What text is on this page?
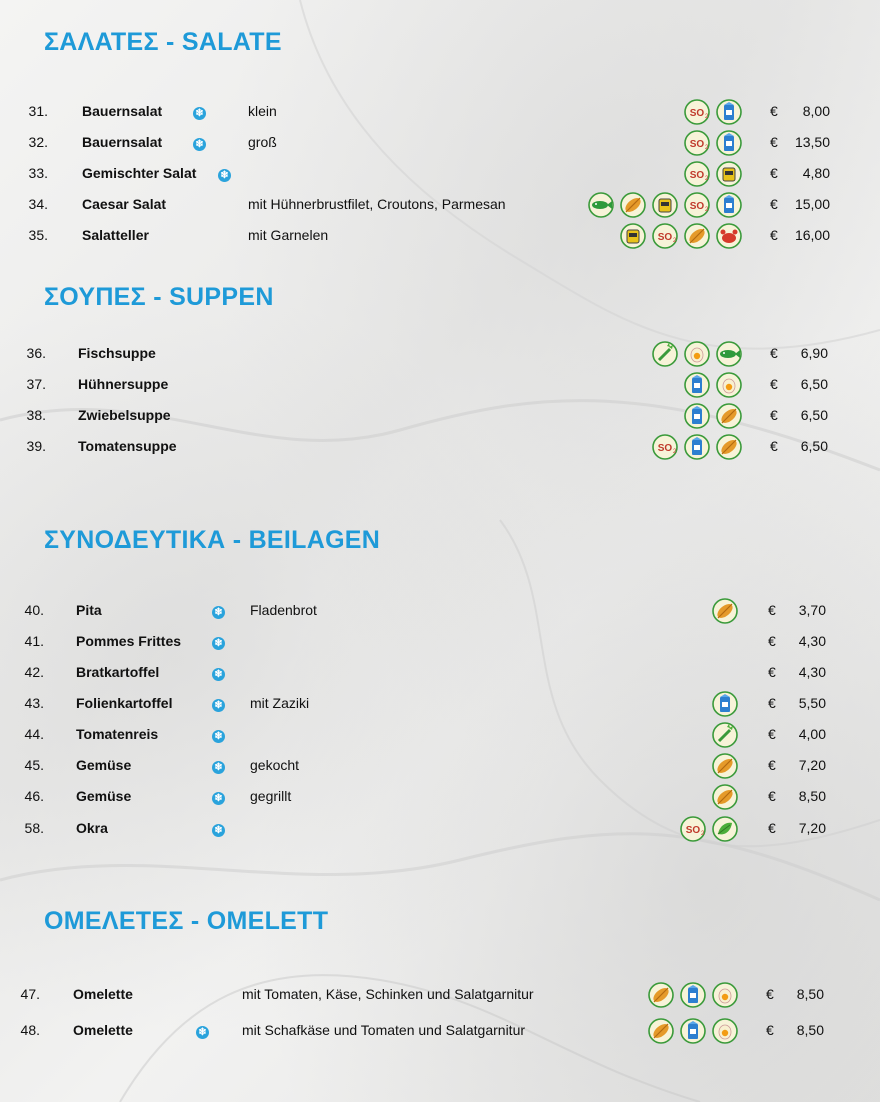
ΣΑΛΑΤΕΣ - SALATE
31. Bauernsalat	❄	klein	SO 2	€	8,00
32. Bauernsalat	❄	groß	SO 2	€	13,50
33. Gemischter Salat ❄	SO 2	€	4,80
34. Caesar Salat	mit Hühnerbrustfilet, Croutons, Parmesan	SO 2	€	15,00
35. Salatteller	mit Garnelen	SO 2	€	16,00
ΣΟΥΠΕΣ - SUPPEN
36. Fischsuppe	€	6,90
37. Hühnersuppe	€	6,50
38. Zwiebelsuppe	€	6,50
39. Tomatensuppe	SO 2	€	6,50
ΣΥΝΟΔΕΥΤΙΚΑ - BEILAGEN
40. Pita	❄ Fladenbrot	€	3,70
41. Pommes Frittes	❄	€	4,30
42. Bratkartoffel	❄	€	4,30
43. Folienkartoffel	❄ mit Zaziki	€	5,50
44. Tomatenreis	❄	€	4,00
45. Gemüse	❄ gekocht	€	7,20
46. Gemüse	❄ gegrillt	€	8,50
58. Okra	❄	SO 2	€	7,20
ΟΜΕΛΕΤΕΣ - OMELETT
47. Omelette	mit Tomaten, Käse, Schinken und Salatgarnitur	€	8,50
48. Omelette	❄	mit Schafkäse und Tomaten und Salatgarnitur	€	8,50
